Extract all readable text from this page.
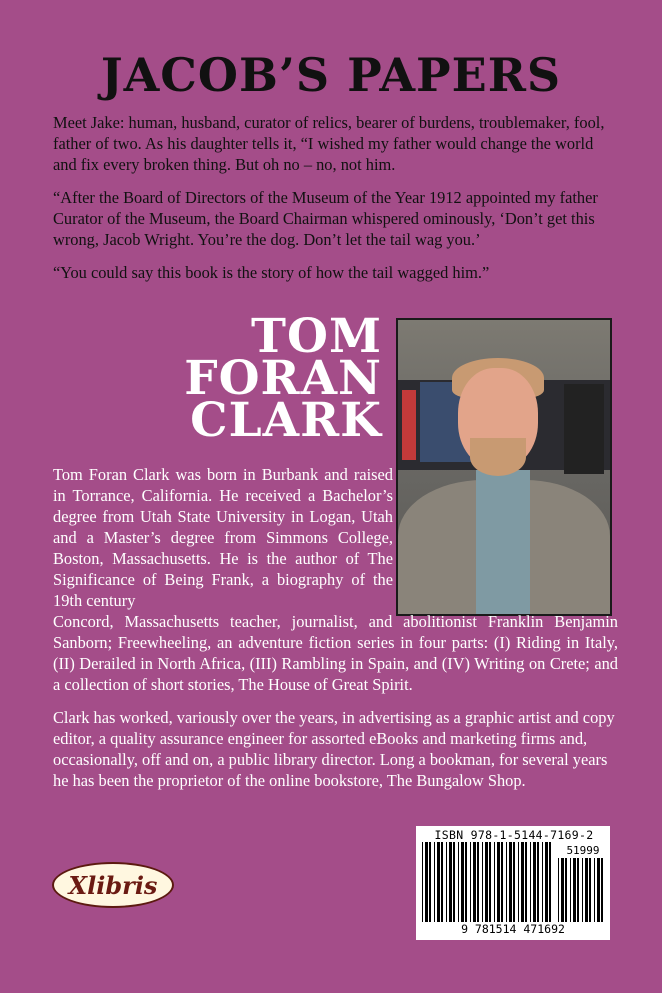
JACOB’S PAPERS

Meet Jake: human, husband, curator of relics, bearer of burdens, troublemaker, fool, father of two. As his daughter tells it, “I wished my father would change the world and fix every broken thing. But oh no – no, not him.

“After the Board of Directors of the Museum of the Year 1912 appointed my father Curator of the Museum, the Board Chairman whispered ominously, ‘Don’t get this wrong, Jacob Wright. You’re the dog. Don’t let the tail wag you.’

“You could say this book is the story of how the tail wagged him.”

TOM
FORAN
CLARK

Tom Foran Clark was born in Burbank and raised in Torrance, California. He received a Bachelor’s degree from Utah State University in Logan, Utah and a Master’s degree from Simmons College, Boston, Massachusetts. He is the author of The Significance of Being Frank, a biography of the 19th century
Concord, Massachusetts teacher, journalist, and abolitionist Franklin Benjamin Sanborn; Freewheeling, an adventure fiction series in four parts: (I) Riding in Italy, (II) Derailed in North Africa, (III) Rambling in Spain, and (IV) Writing on Crete; and a collection of short stories, The House of Great Spirit.

Clark has worked, variously over the years, in advertising as a graphic artist and copy editor, a quality assurance engineer for assorted eBooks and marketing firms and, occasionally, off and on, a public library director. Long a bookman, for several years he has been the proprietor of the online bookstore, The Bungalow Shop.

Xlibris
ISBN 978-1-5144-7169-2
51999
9 781514 471692
